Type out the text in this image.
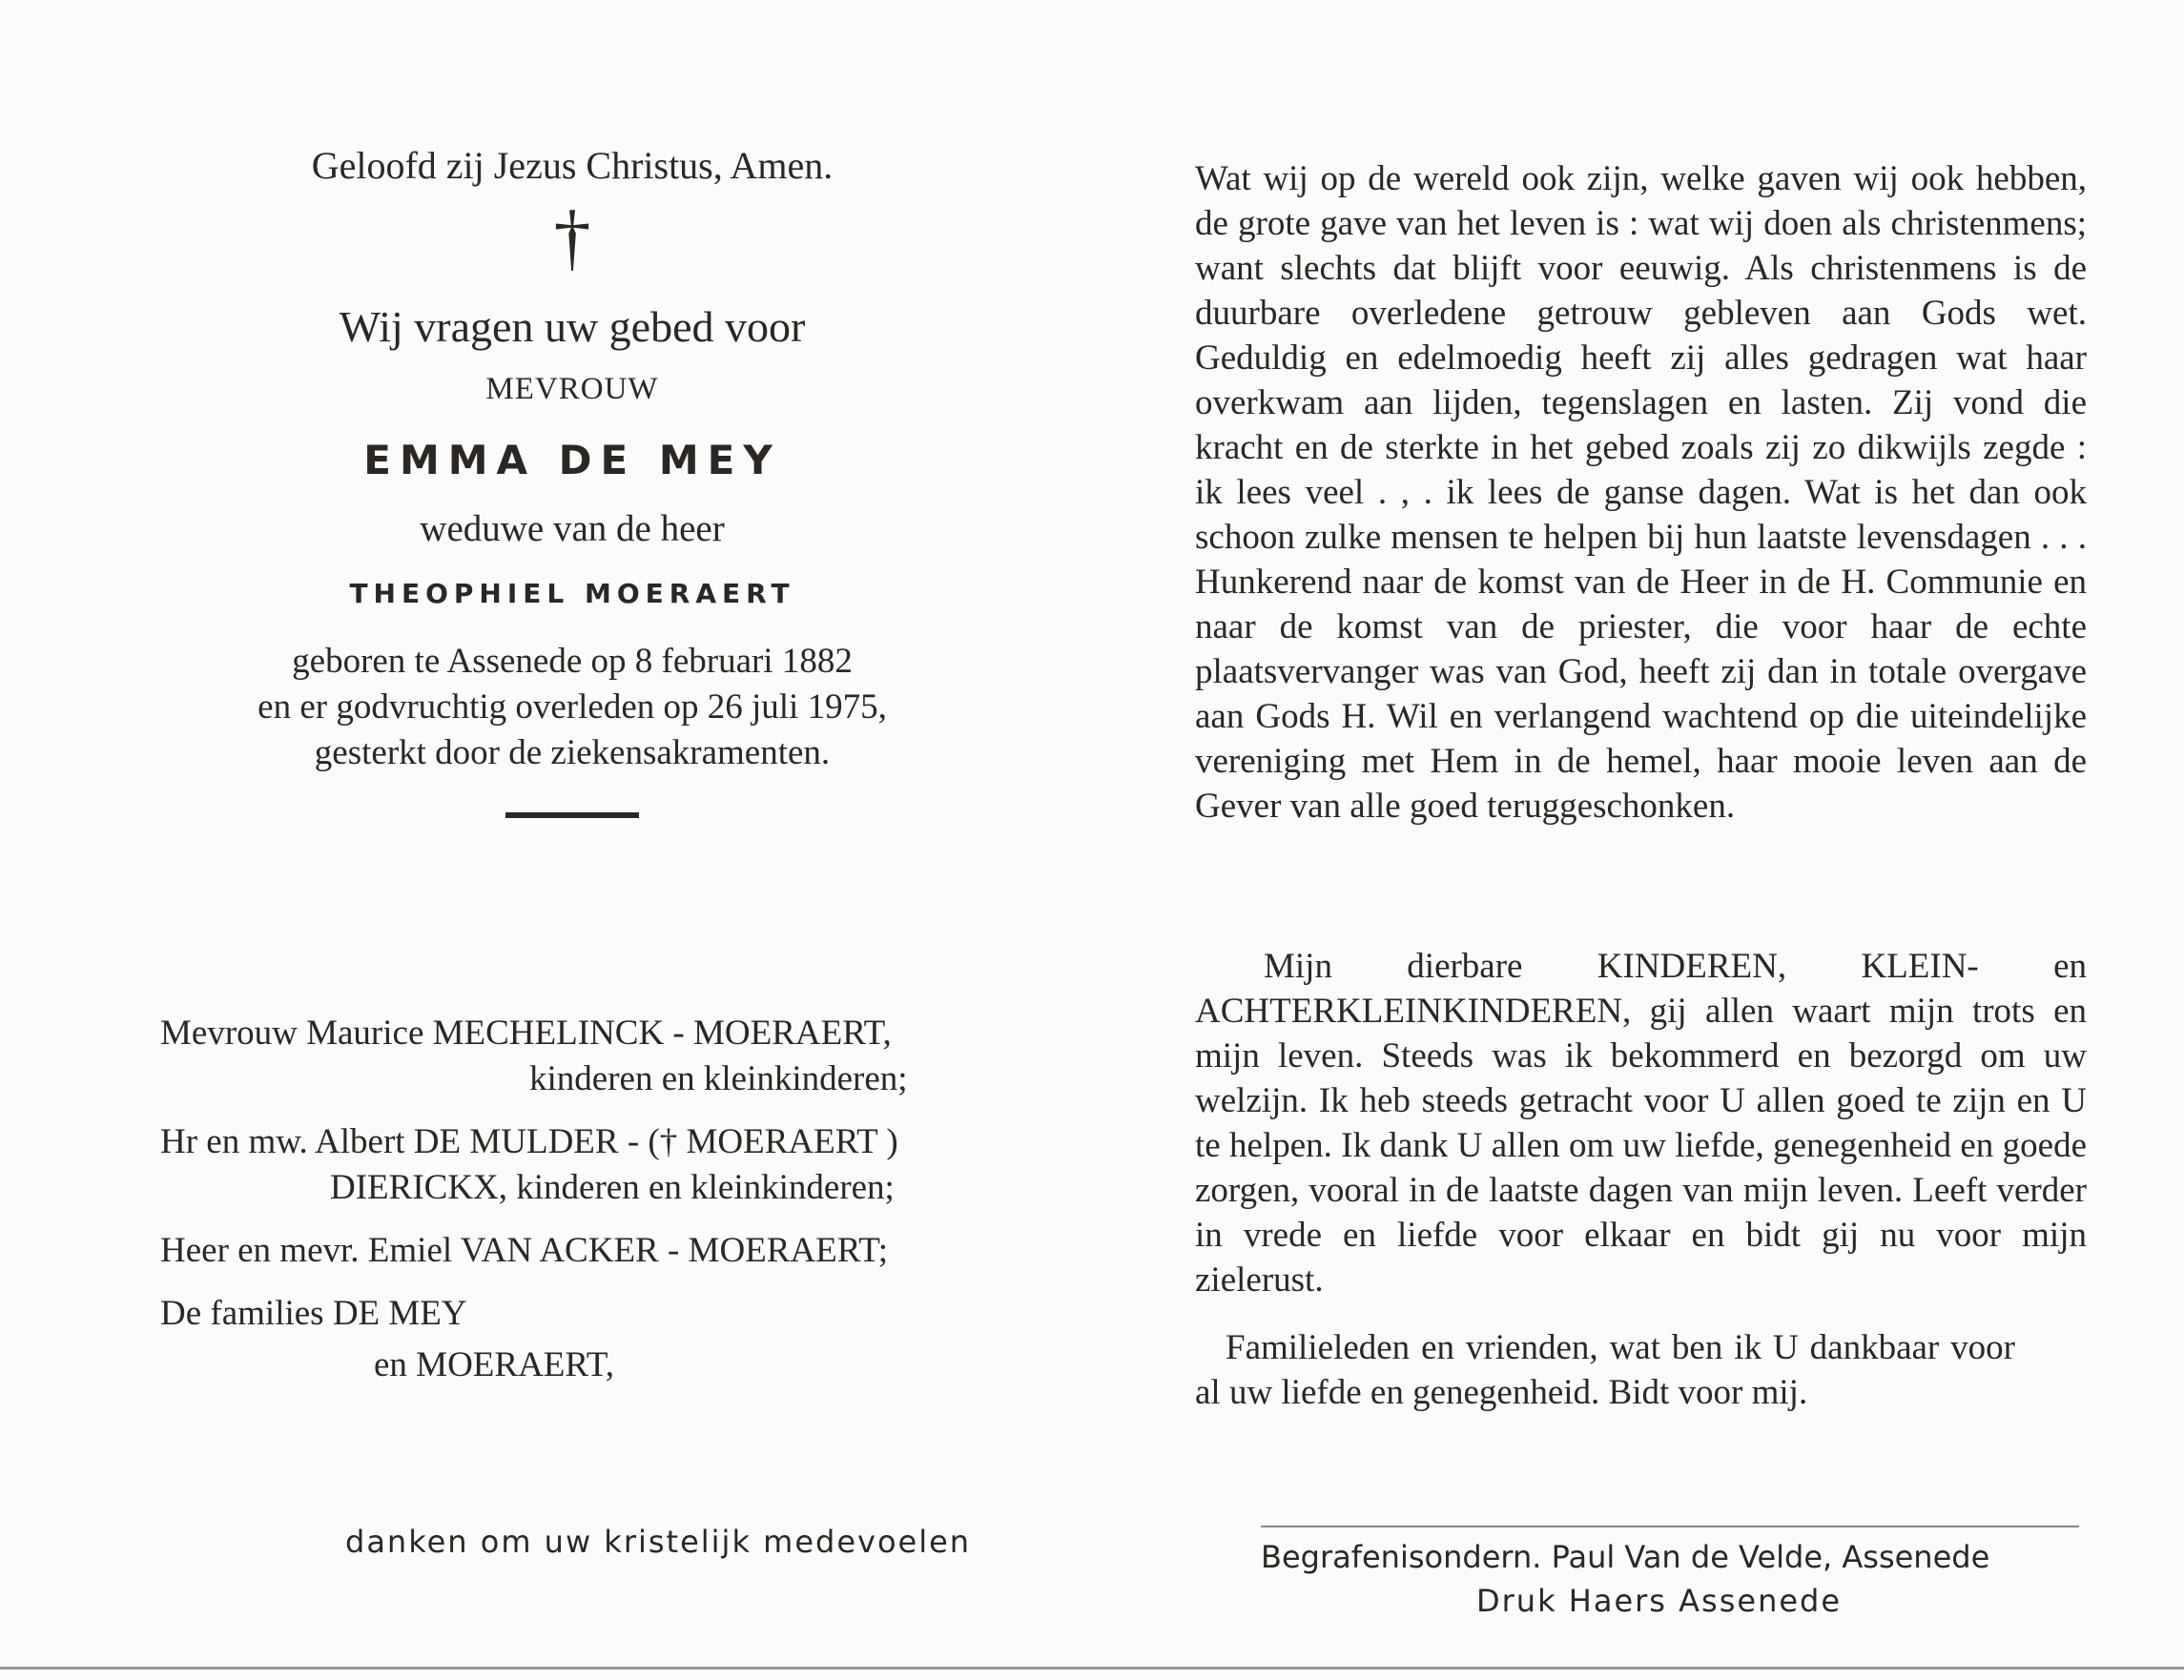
Geloofd zij Jezus Christus, Amen.
†
Wij vragen uw gebed voor
MEVROUW
EMMA DE MEY
weduwe van de heer
THEOPHIEL MOERAERT
geboren te Assenede op 8 februari 1882
en er godvruchtig overleden op 26 juli 1975,
gesterkt door de ziekensakramenten.
Mevrouw Maurice MECHELINCK - MOERAERT,
kinderen en kleinkinderen;
Hr en mw. Albert DE MULDER - († MOERAERT )
DIERICKX, kinderen en kleinkinderen;
Heer en mevr. Emiel VAN ACKER - MOERAERT;
De families DE MEY
en MOERAERT,
danken om uw kristelijk medevoelen

Wat wij op de wereld ook zijn, welke gaven wij ook hebben, de grote gave van het leven is : wat wij doen als christenmens; want slechts dat blijft voor eeuwig. Als christenmens is de duurbare overledene getrouw gebleven aan Gods wet. Geduldig en edelmoedig heeft zij alles gedragen wat haar overkwam aan lijden, tegenslagen en lasten. Zij vond die kracht en de sterkte in het gebed zoals zij zo dikwijls zegde : ik lees veel . , . ik lees de ganse dagen. Wat is het dan ook schoon zulke mensen te helpen bij hun laatste levensdagen . . . Hunkerend naar de komst van de Heer in de H. Communie en naar de komst van de priester, die voor haar de echte plaatsvervanger was van God, heeft zij dan in totale overgave aan Gods H. Wil en verlangend wachtend op die uiteindelijke vereniging met Hem in de hemel, haar mooie leven aan de Gever van alle goed teruggeschonken.

Mijn dierbare KINDEREN, KLEIN- en ACHTERKLEINKINDEREN, gij allen waart mijn trots en mijn leven. Steeds was ik bekommerd en bezorgd om uw welzijn. Ik heb steeds getracht voor U allen goed te zijn en U te helpen. Ik dank U allen om uw liefde, genegenheid en goede zorgen, vooral in de laatste dagen van mijn leven. Leeft verder in vrede en liefde voor elkaar en bidt gij nu voor mijn zielerust.

Familieleden en vrienden, wat ben ik U dankbaar voor al uw liefde en genegenheid. Bidt voor mij.

Begrafenisondern. Paul Van de Velde, Assenede
Druk Haers Assenede
